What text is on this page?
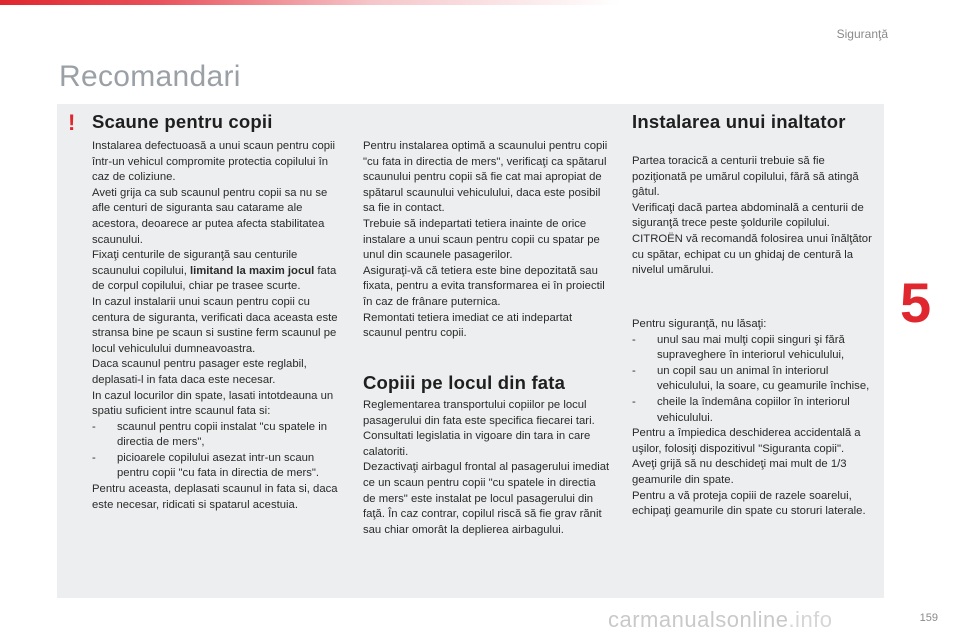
Siguranţă
Recomandari
! Scaune pentru copii

Instalarea defectuoasă a unui scaun pentru copii într-un vehicul compromite protectia copilului în caz de coliziune.

Aveti grija ca sub scaunul pentru copii sa nu se afle centuri de siguranta sau catarame ale acestora, deoarece ar putea afecta stabilitatea scaunului.

Fixaţi centurile de siguranţă sau centurile scaunului copilului, limitand la maxim jocul fata de corpul copilului, chiar pe trasee scurte.

In cazul instalarii unui scaun pentru copii cu centura de siguranta, verificati daca aceasta este stransa bine pe scaun si sustine ferm scaunul pe locul vehiculului dumneavoastra.

Daca scaunul pentru pasager este reglabil, deplasati-l in fata daca este necesar.

In cazul locurilor din spate, lasati intotdeauna un spatiu suficient intre scaunul fata si:

- scaunul pentru copii instalat "cu spatele in directia de mers",

- picioarele copilului asezat intr-un scaun pentru copii "cu fata in directia de mers".

Pentru aceasta, deplasati scaunul in fata si, daca este necesar, ridicati si spatarul acestuia.

Pentru instalarea optimă a scaunului pentru copii "cu fata in directia de mers", verificaţi ca spătarul scaunului pentru copii să fie cat mai apropiat de spătarul scaunului vehiculului, daca este posibil sa fie in contact.

Trebuie să indepartati tetiera inainte de orice instalare a unui scaun pentru copii cu spatar pe unul din scaunele pasagerilor.

Asiguraţi-vă că tetiera este bine depozitată sau fixata, pentru a evita transformarea ei în proiectil în caz de frânare puternica.

Remontati tetiera imediat ce ati indepartat scaunul pentru copii.

Copiii pe locul din fata

Reglementarea transportului copiilor pe locul pasagerului din fata este specifica fiecarei tari. Consultati legislatia in vigoare din tara in care calatoriti.

Dezactivaţi airbagul frontal al pasagerului imediat ce un scaun pentru copii "cu spatele in directia de mers" este instalat pe locul pasagerului din faţă. În caz contrar, copilul riscă să fie grav rănit sau chiar omorât la deplierea airbagului.

Instalarea unui inaltator

Partea toracică a centurii trebuie să fie poziţionată pe umărul copilului, fără să atingă gâtul.

Verificaţi dacă partea abdominală a centurii de siguranţă trece peste şoldurile copilului.

CITROËN vă recomandă folosirea unui înălţător cu spătar, echipat cu un ghidaj de centură la nivelul umărului.

Pentru siguranţă, nu lăsaţi:

- unul sau mai mulţi copii singuri şi fără supraveghere în interiorul vehiculului,

- un copil sau un animal în interiorul vehiculului, la soare, cu geamurile închise,

- cheile la îndemâna copiilor în interiorul vehiculului.

Pentru a împiedica deschiderea accidentală a uşilor, folosiţi dispozitivul "Siguranta copii".

Aveţi grijă să nu deschideţi mai mult de 1/3 geamurile din spate.

Pentru a vă proteja copiii de razele soarelui, echipaţi geamurile din spate cu storuri laterale.

5
159
carmanualsonline.info
